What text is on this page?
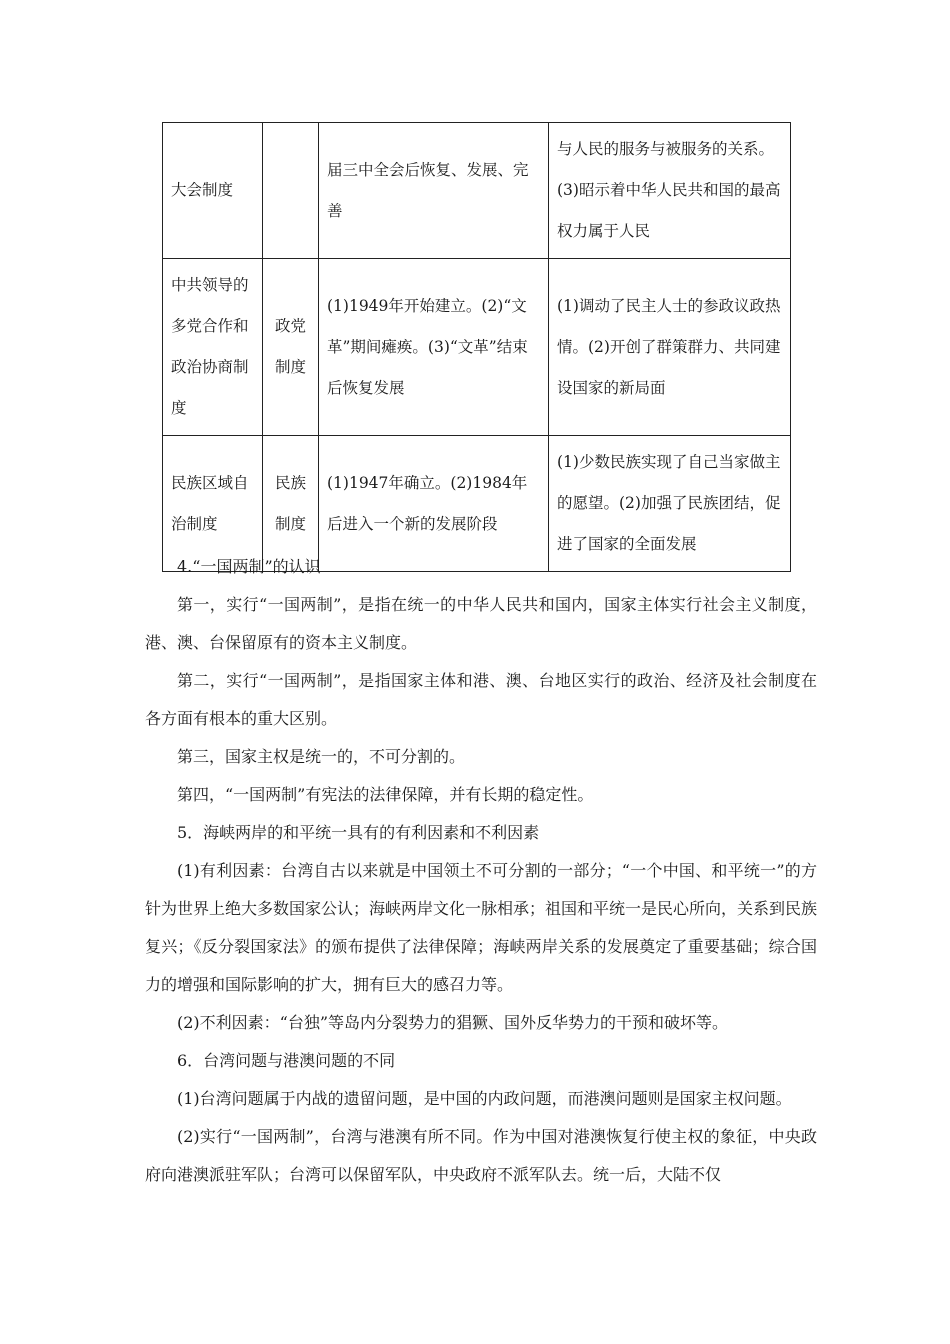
大会制度		届三中全会后恢复、发展、完善	与人民的服务与被服务的关系。(3)昭示着中华人民共和国的最高权力属于人民
中共领导的多党合作和政治协商制度	政党制度	(1)1949年开始建立。(2)“文革”期间瘫痪。(3)“文革”结束后恢复发展	(1)调动了民主人士的参政议政热情。(2)开创了群策群力、共同建设国家的新局面
民族区域自治制度	民族制度	(1)1947年确立。(2)1984年后进入一个新的发展阶段	(1)少数民族实现了自己当家做主的愿望。(2)加强了民族团结，促进了国家的全面发展

4.“一国两制”的认识

第一，实行“一国两制”，是指在统一的中华人民共和国内，国家主体实行社会主义制度，港、澳、台保留原有的资本主义制度。

第二，实行“一国两制”，是指国家主体和港、澳、台地区实行的政治、经济及社会制度在各方面有根本的重大区别。

第三，国家主权是统一的，不可分割的。

第四，“一国两制”有宪法的法律保障，并有长期的稳定性。

5．海峡两岸的和平统一具有的有利因素和不利因素

(1)有利因素：台湾自古以来就是中国领土不可分割的一部分；“一个中国、和平统一”的方针为世界上绝大多数国家公认；海峡两岸文化一脉相承；祖国和平统一是民心所向，关系到民族复兴；《反分裂国家法》的颁布提供了法律保障；海峡两岸关系的发展奠定了重要基础；综合国力的增强和国际影响的扩大，拥有巨大的感召力等。

(2)不利因素：“台独”等岛内分裂势力的猖獗、国外反华势力的干预和破坏等。

6．台湾问题与港澳问题的不同

(1)台湾问题属于内战的遗留问题，是中国的内政问题，而港澳问题则是国家主权问题。

(2)实行“一国两制”，台湾与港澳有所不同。作为中国对港澳恢复行使主权的象征，中央政府向港澳派驻军队；台湾可以保留军队，中央政府不派军队去。统一后，大陆不仅
